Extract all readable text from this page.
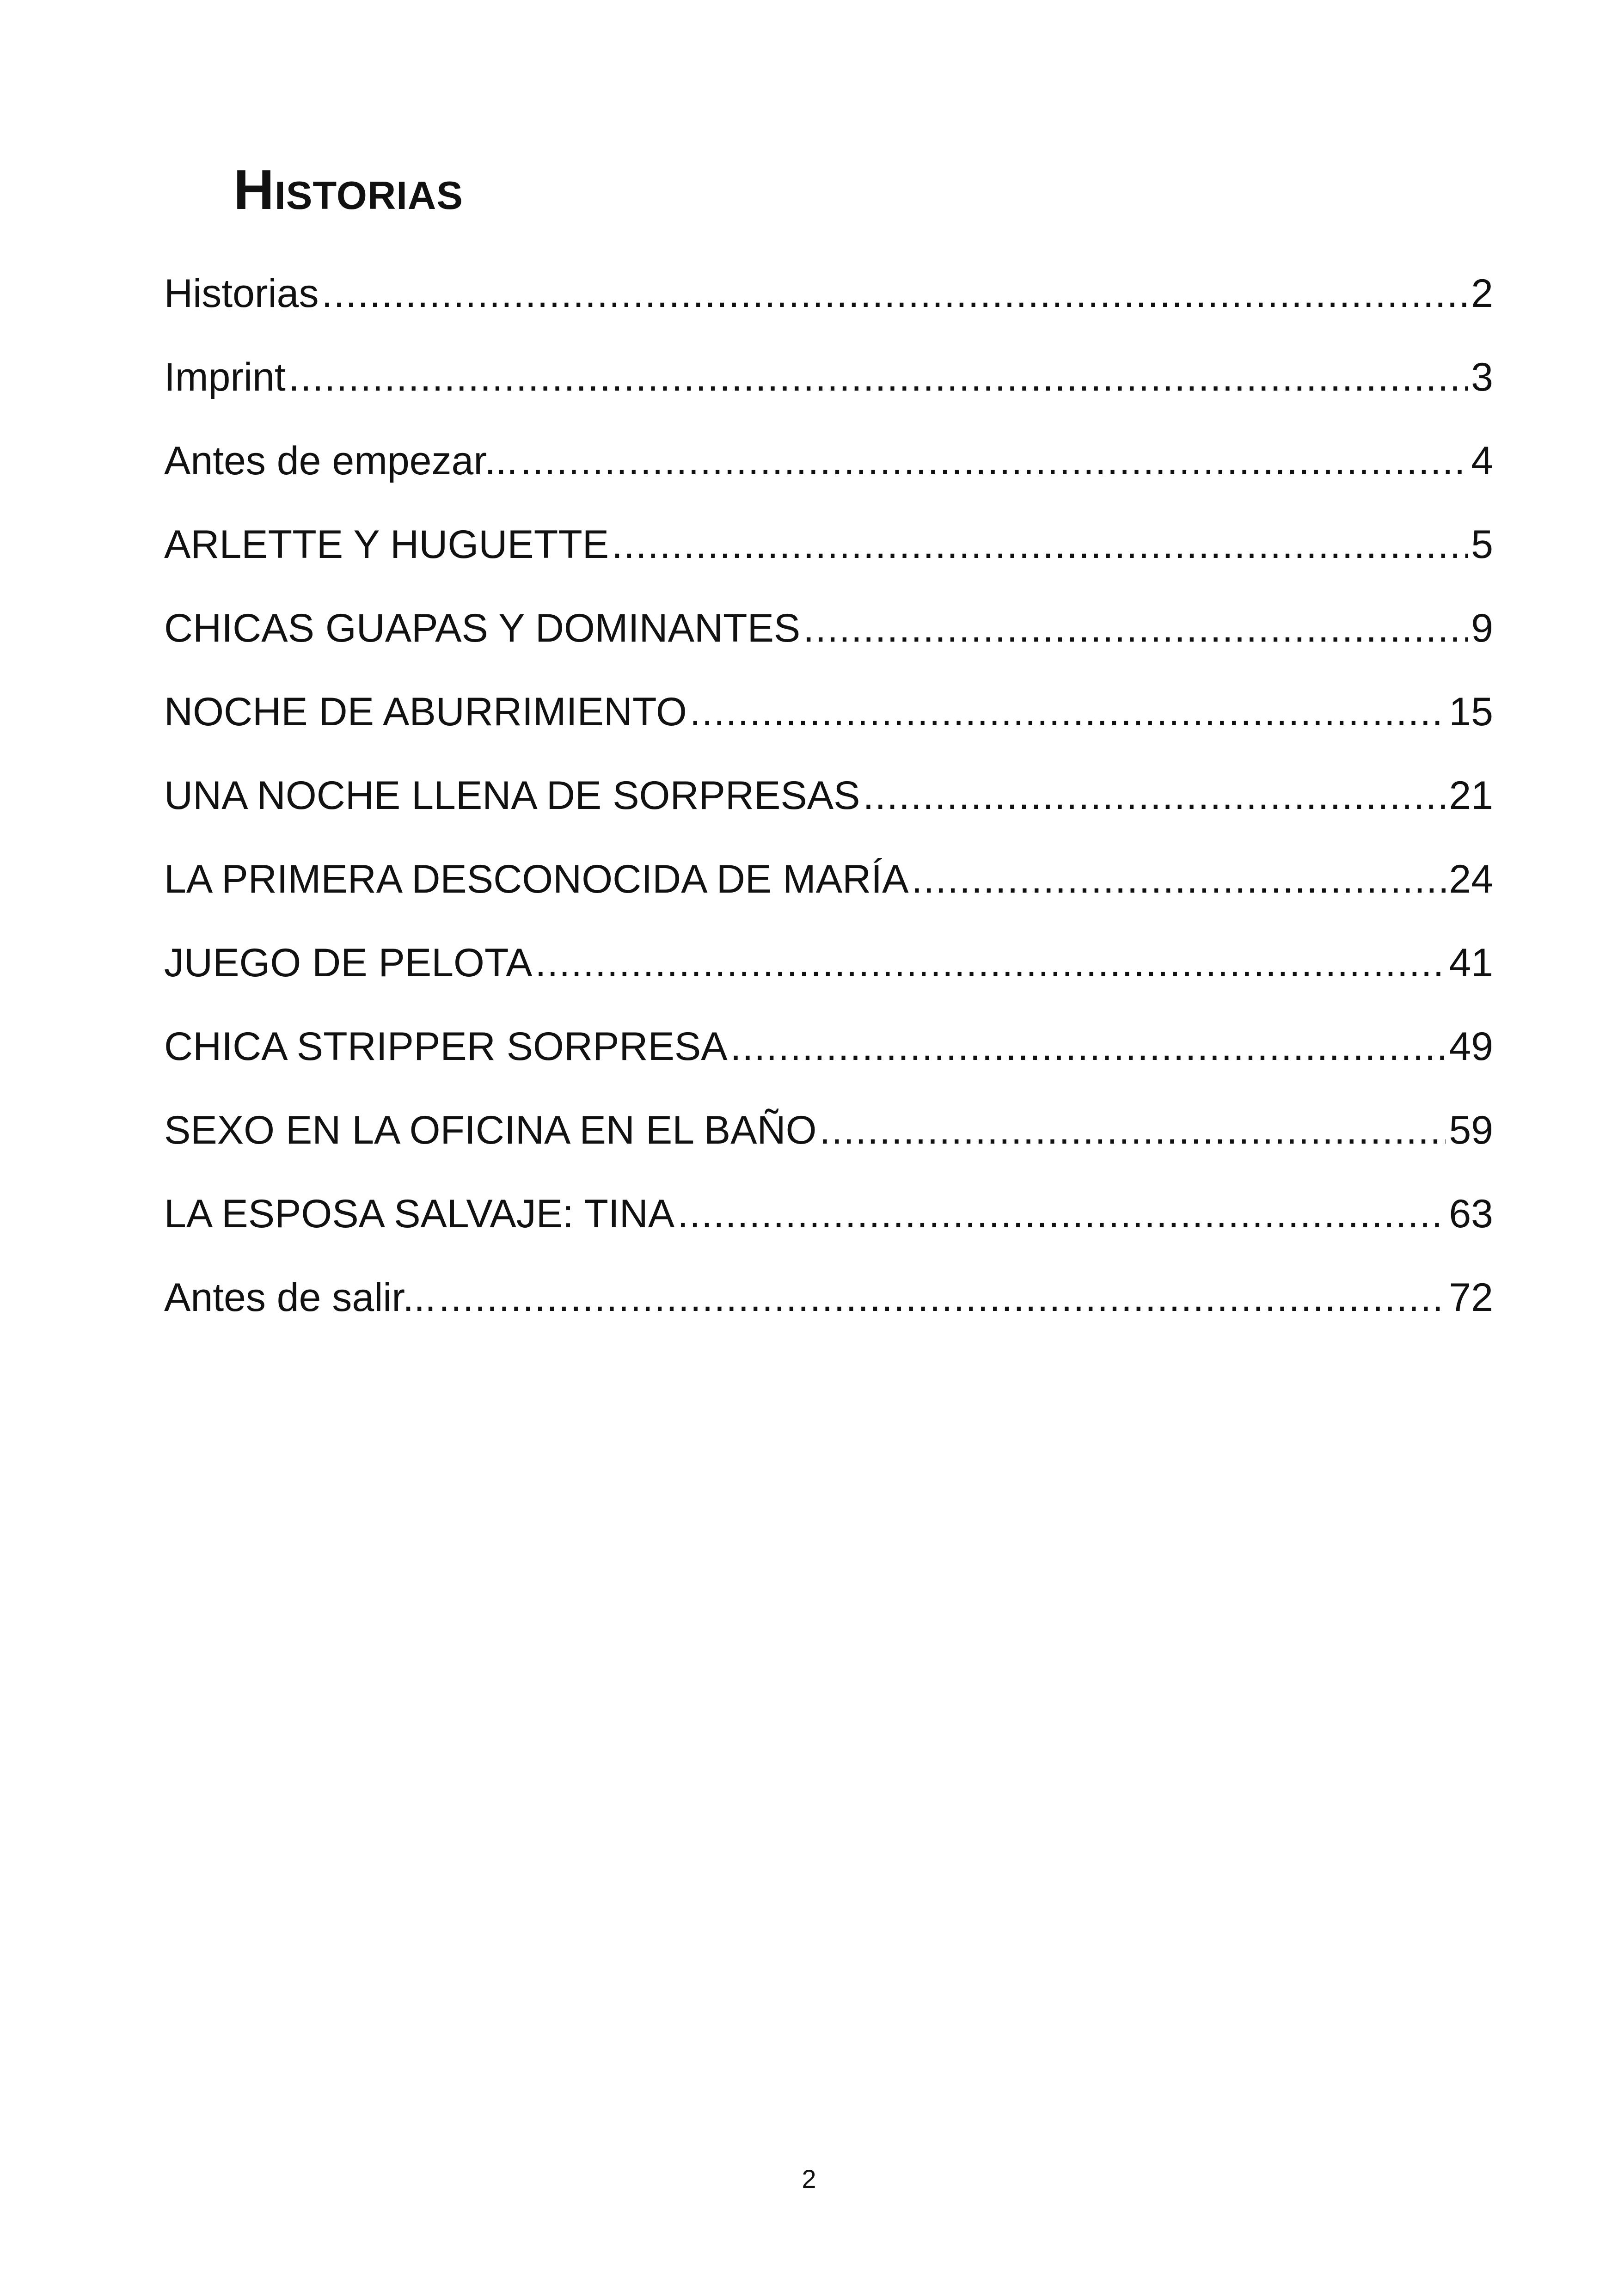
Historias
Historias .....	2
Imprint .....	3
Antes de empezar... .....	4
ARLETTE Y HUGUETTE .....	5
CHICAS GUAPAS Y DOMINANTES .....	9
NOCHE DE ABURRIMIENTO .....	15
UNA NOCHE LLENA DE SORPRESAS .....	21
LA PRIMERA DESCONOCIDA DE MARÍA .....	24
JUEGO DE PELOTA .....	41
CHICA STRIPPER SORPRESA .....	49
SEXO EN LA OFICINA EN EL BAÑO .....	59
LA ESPOSA SALVAJE: TINA .....	63
Antes de salir... .....	72
2
